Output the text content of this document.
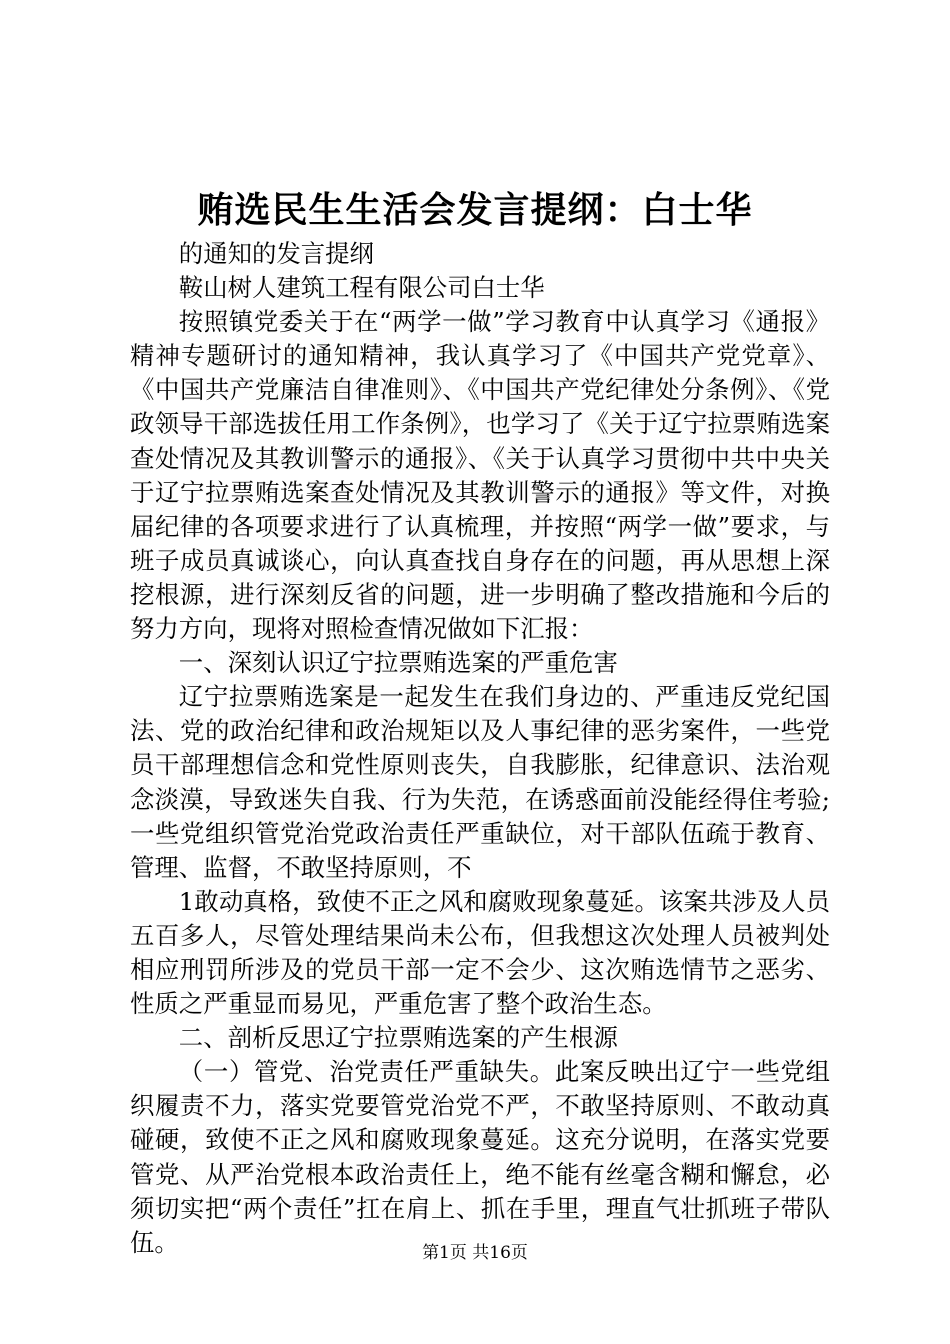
贿选民生生活会发言提纲：白士华

的通知的发言提纲

鞍山树人建筑工程有限公司白士华

按照镇党委关于在“两学一做”学习教育中认真学习《通报》精神专题研讨的通知精神，我认真学习了《中国共产党党章》、《中国共产党廉洁自律准则》、《中国共产党纪律处分条例》、《党政领导干部选拔任用工作条例》，也学习了《关于辽宁拉票贿选案查处情况及其教训警示的通报》、《关于认真学习贯彻中共中央关于辽宁拉票贿选案查处情况及其教训警示的通报》等文件，对换届纪律的各项要求进行了认真梳理，并按照“两学一做”要求，与班子成员真诚谈心，向认真查找自身存在的问题，再从思想上深挖根源，进行深刻反省的问题，进一步明确了整改措施和今后的努力方向，现将对照检查情况做如下汇报：

一、深刻认识辽宁拉票贿选案的严重危害

辽宁拉票贿选案是一起发生在我们身边的、严重违反党纪国法、党的政治纪律和政治规矩以及人事纪律的恶劣案件，一些党员干部理想信念和党性原则丧失，自我膨胀，纪律意识、法治观念淡漠，导致迷失自我、行为失范，在诱惑面前没能经得住考验;一些党组织管党治党政治责任严重缺位，对干部队伍疏于教育、管理、监督，不敢坚持原则，不

1敢动真格，致使不正之风和腐败现象蔓延。该案共涉及人员五百多人，尽管处理结果尚未公布，但我想这次处理人员被判处相应刑罚所涉及的党员干部一定不会少、这次贿选情节之恶劣、性质之严重显而易见，严重危害了整个政治生态。

二、剖析反思辽宁拉票贿选案的产生根源

（一）管党、治党责任严重缺失。此案反映出辽宁一些党组织履责不力，落实党要管党治党不严，不敢坚持原则、不敢动真碰硬，致使不正之风和腐败现象蔓延。这充分说明，在落实党要管党、从严治党根本政治责任上，绝不能有丝毫含糊和懈怠，必须切实把“两个责任”扛在肩上、抓在手里，理直气壮抓班子带队伍。	第1页 共16页
